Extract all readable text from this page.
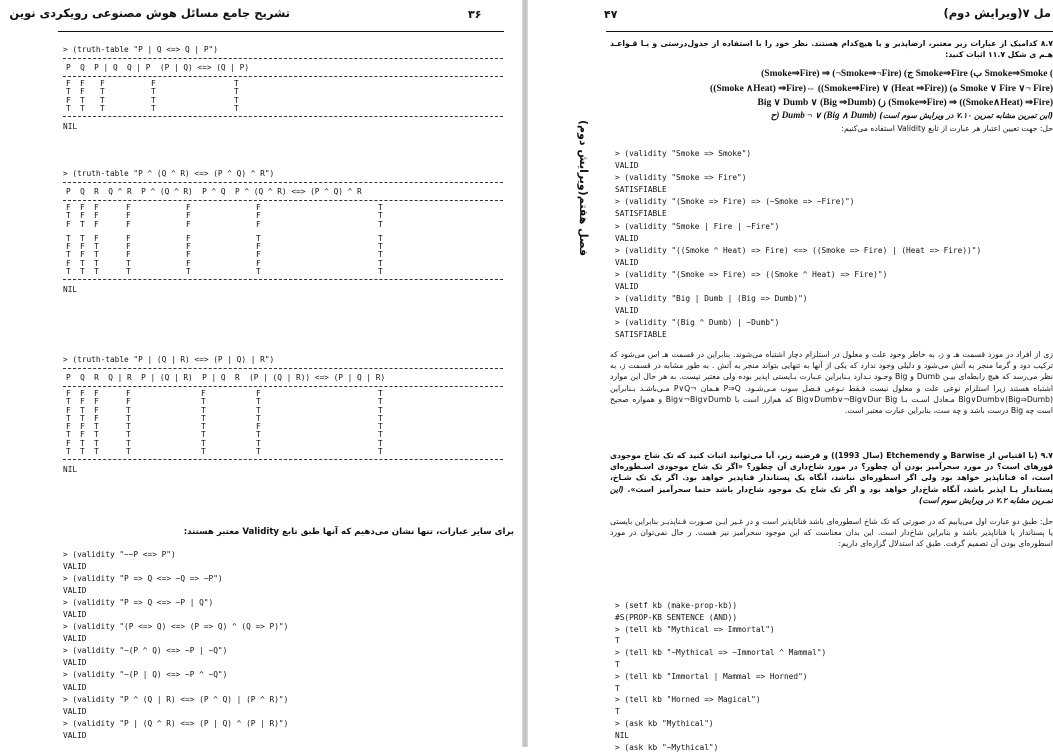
تشریح جامع مسائل هوش مصنوعی رویکردی نوین	۳۶
> (truth-table "P | Q <=> Q | P")
P  Q  P | Q  Q | P  (P | Q) <=> (Q | P)
F F F	F	T
T F T	T	T
F T T	T	T
T T T	T	T
NIL
> (truth-table "P ^ (Q ^ R) <=> (P ^ Q) ^ R")
P  Q  R  Q ^ R  P ^ (Q ^ R)  P ^ Q  P ^ (Q ^ R) <=> (P ^ Q) ^ R
F F F	F	F	F	T
T F F	F	F	F	T
F T F	F	F	F	T
T T F	F	F	T	T
F F T	F	F	F	T
T F T	F	F	F	T
F T T	T	F	F	T
T T T	T	T	T	T
NIL
> (truth-table "P | (Q | R) <=> (P | Q) | R")
P  Q  R  Q | R  P | (Q | R)  P | Q  R  (P | (Q | R)) <=> (P | Q | R)
F F F	F	F	F	T
T F F	F	T	T	T
F T F	T	T	T	T
T T F	T	T	T	T
F F T	T	T	F	T
T F T	T	T	T	T
F T T	T	T	T	T
T T T	T	T	T	T
NIL
برای سایر عبارات، تنها نشان می‌دهیم که آنها طبق تابع Validity معتبر هستند:
> (validity "~~P <=> P")
VALID
> (validity "P => Q <=> ~Q => ~P")
VALID
> (validity "P => Q <=> ~P | Q")
VALID
> (validity "(P <=> Q) <=> (P => Q) ^ (Q => P)")
VALID
> (validity "~(P ^ Q) <=> ~P | ~Q")
VALID
> (validity "~(P | Q) <=> ~P ^ ~Q")
VALID
> (validity "P ^ (Q | R) <=> (P ^ Q) | (P ^ R)")
VALID
> (validity "P | (Q ^ R) <=> (P | Q) ^ (P | R)")
VALID
مل ۷(ویرایش دوم)
۴۷
۸.۷ کدامیک از عبارات زیر معتبر، ارضاپذیر و یا هیچ‌کدام هستند. نظر خود را با استفاده از جدول‌درستی و یـا قـواعـد هـم ی شکل ۱۱.۷ اثبات کنید:
(Smoke⇒Fire) ⇒ (¬Smoke⇒¬Fire) (ج Smoke⇒Fire (ب Smoke⇒Smoke (
((Smoke ∧Heat) ⇒Fire)⇔ ((Smoke⇒Fire) ∨ (Heat ⇒Fire)) (ه Smoke ∨ Fire ∨¬ Fire)
Big ∨ Dumb ∨ (Big ⇒Dumb) (ز (Smoke⇒Fire) ⇒ ((Smoke∧Heat) ⇒Fire)
(این تمرین مشابه تمرین ۷.۱۰ در ویرایش سوم است) (Big ∧ Dumb) ∨ ¬ Dumb (ح
حل: جهت تعیین اعتبار هر عبارت از تابع Validity استفاده می‌کنیم:
> (validity "Smoke => Smoke")
VALID
> (validity "Smoke => Fire")
SATISFIABLE
> (validity "(Smoke => Fire) => (~Smoke => ~Fire)")
SATISFIABLE
> (validity "Smoke | Fire | ~Fire")
VALID
> (validity "((Smoke ^ Heat) => Fire) <=> ((Smoke => Fire) | (Heat => Fire))")
VALID
> (validity "(Smoke => Fire) => ((Smoke ^ Heat) => Fire)")
VALID
> (validity "Big | Dumb | (Big => Dumb)")
VALID
> (validity "(Big ^ Dumb) | ~Dumb")
SATISFIABLE
زی از افراد در مورد قسمت هـ و ز، به خاطر وجود علت و معلول در استلزام دچار اشتباه می‌شوند. بنابراین در قسمت هـ اس می‌شود که ترکیب دود و گرما منجر به آتش می‌شود و دلیلی وجود ندارد که یکی از آنها به تنهایی بتواند منجر به آتش . به طور مشابه در قسمت ز، به نظر می‌رسد که هیچ رابطه‌ای بیـن Dumb و Big وجـود نـدارد بـنابراین عـبارت بـایستی اپذیر بوده ولی معتبر نیست. به هر حال این موارد اشتباه هستند زیرا استلزام نوعی علت و معلول نیست فـقط نـوعی فـصل سوب مـی‌شـود. P⇒Q هـمان ¬P∨Q مـی‌باشـد بـنابراین (Big⇒Dumb)∨Big∨Dumb مـعادل اسـت بـا Big∨Dumb∨¬Big∨Dur Big که هم‌ارز است با Big∨¬Big∨Dumb و همواره صحیح است چه Big درست باشد و چه ست، بنابراین عبارت معتبر است.
۹.۷ (با اقتباس از Barwise و Etchemendy (سال 1993)) و فرضیه زیر، آیا می‌توانید اثبات کنید که تک شاخ موجودی فورهای است؟ در مورد سحرآمیز بودن آن چطور؟ در مورد شاخ‌داری آن چطور؟ «اگر تک شاخ موجودی اسـطوره‌ای است، اه فناناپذیر خواهد بود ولی اگر اسطوره‌ای نباشد، آنگاه یک پستاندار فناپذیر خواهد بود. اگر یک تک شـاخ، پستاندار یـا اپذیر باشد، آنگاه شاخ‌دار خواهد بود و اگر تک شاخ یک موجود شاخ‌دار باشد حتما سحرآمیز است». (این تمـرین مشابه ۷.۲ در ویرایش سوم است)
حل: طبق دو عبارت اول می‌یابیم که در صورتی که تک شاخ اسطوره‌ای باشد فناناپذیر است و در غـیر ایـن صـورت فـناپذیـر بنابراین بایستی یا پستاندار یا فناناپذیر باشد و بنابراین شاخ‌دار است. این بدان معناست که این موجود سحرآمیز نیز هست. ر حال نمی‌توان در مورد اسطوره‌ای بودن آن تصمیم گرفت. طبق کد استدلال گزاره‌ای داریم:
> (setf kb (make-prop-kb))
#S(PROP-KB SENTENCE (AND))
> (tell kb "Mythical => Immortal")
T
> (tell kb "~Mythical => ~Immortal ^ Mammal")
T
> (tell kb "Immortal | Mammal => Horned")
T
> (tell kb "Horned => Magical")
T
> (ask kb "Mythical")
NIL
> (ask kb "~Mythical")
فصل هفتم(ویرایش دوم)
